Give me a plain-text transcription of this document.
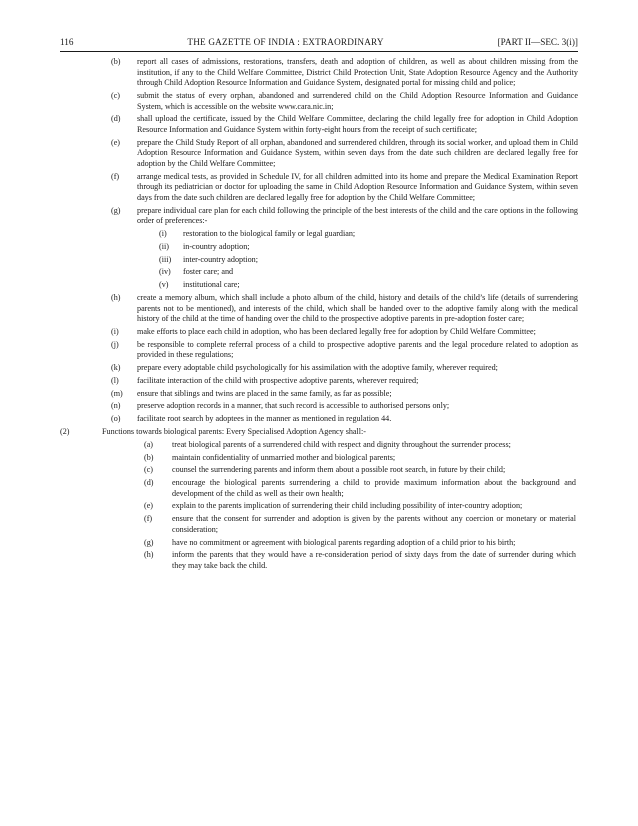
116	THE GAZETTE OF INDIA : EXTRAORDINARY	[PART II—SEC. 3(i)]
(b)	report all cases of admissions, restorations, transfers, death and adoption of children, as well as about children missing from the institution, if any to the Child Welfare Committee, District Child Protection Unit, State Adoption Resource Agency and the Authority through Child Adoption Resource Information and Guidance System, designated portal for missing child and police;
(c)	submit the status of every orphan, abandoned and surrendered child on the Child Adoption Resource Information and Guidance System, which is accessible on the website www.cara.nic.in;
(d)	shall upload the certificate, issued by the Child Welfare Committee, declaring the child legally free for adoption in Child Adoption Resource Information and Guidance System within forty-eight hours from the receipt of such certificate;
(e)	prepare the Child Study Report of all orphan, abandoned and surrendered children, through its social worker, and upload them in Child Adoption Resource Information and Guidance System, within seven days from the date such children are declared legally free for adoption by the Child Welfare Committee;
(f)	arrange medical tests, as provided in Schedule IV, for all children admitted into its home and prepare the Medical Examination Report through its pediatrician or doctor for uploading the same in Child Adoption Resource Information and Guidance System, within seven days from the date such children are declared legally free for adoption by the Child Welfare Committee;
(g)	prepare individual care plan for each child following the principle of the best interests of the child and the care options in the following order of preferences:-
(i)	restoration to the biological family or legal guardian;
(ii)	in-country adoption;
(iii)	inter-country adoption;
(iv)	foster care; and
(v)	institutional care;
(h)	create a memory album, which shall include a photo album of the child, history and details of the child’s life (details of surrendering parents not to be mentioned), and interests of the child, which shall be handed over to the adoptive family along with the medical history of the child at the time of handing over the child to the prospective adoptive parents in pre-adoption foster care;
(i)	make efforts to place each child in adoption, who has been declared legally free for adoption by Child Welfare Committee;
(j)	be responsible to complete referral process of a child to prospective adoptive parents and the legal procedure related to adoption as provided in these regulations;
(k)	prepare every adoptable child psychologically for his assimilation with the adoptive family, wherever required;
(l)	facilitate interaction of the child with prospective adoptive parents, wherever required;
(m)	ensure that siblings and twins are placed in the same family, as far as possible;
(n)	preserve adoption records in a manner, that such record is accessible to authorised persons only;
(o)	facilitate root search by adoptees in the manner as mentioned in regulation 44.
(2)	Functions towards biological parents: Every Specialised Adoption Agency shall:-
(a)	treat biological parents of a surrendered child with respect and dignity throughout the surrender process;
(b)	maintain confidentiality of unmarried mother and biological parents;
(c)	counsel the surrendering parents and inform them about a possible root search, in future by their child;
(d)	encourage the biological parents surrendering a child to provide maximum information about the background and development of the child as well as their own health;
(e)	explain to the parents implication of surrendering their child including possibility of inter-country adoption;
(f)	ensure that the consent for surrender and adoption is given by the parents without any coercion or monetary or material consideration;
(g)	have no commitment or agreement with biological parents regarding adoption of a child prior to his birth;
(h)	inform the parents that they would have a re-consideration period of sixty days from the date of surrender during which they may take back the child.
